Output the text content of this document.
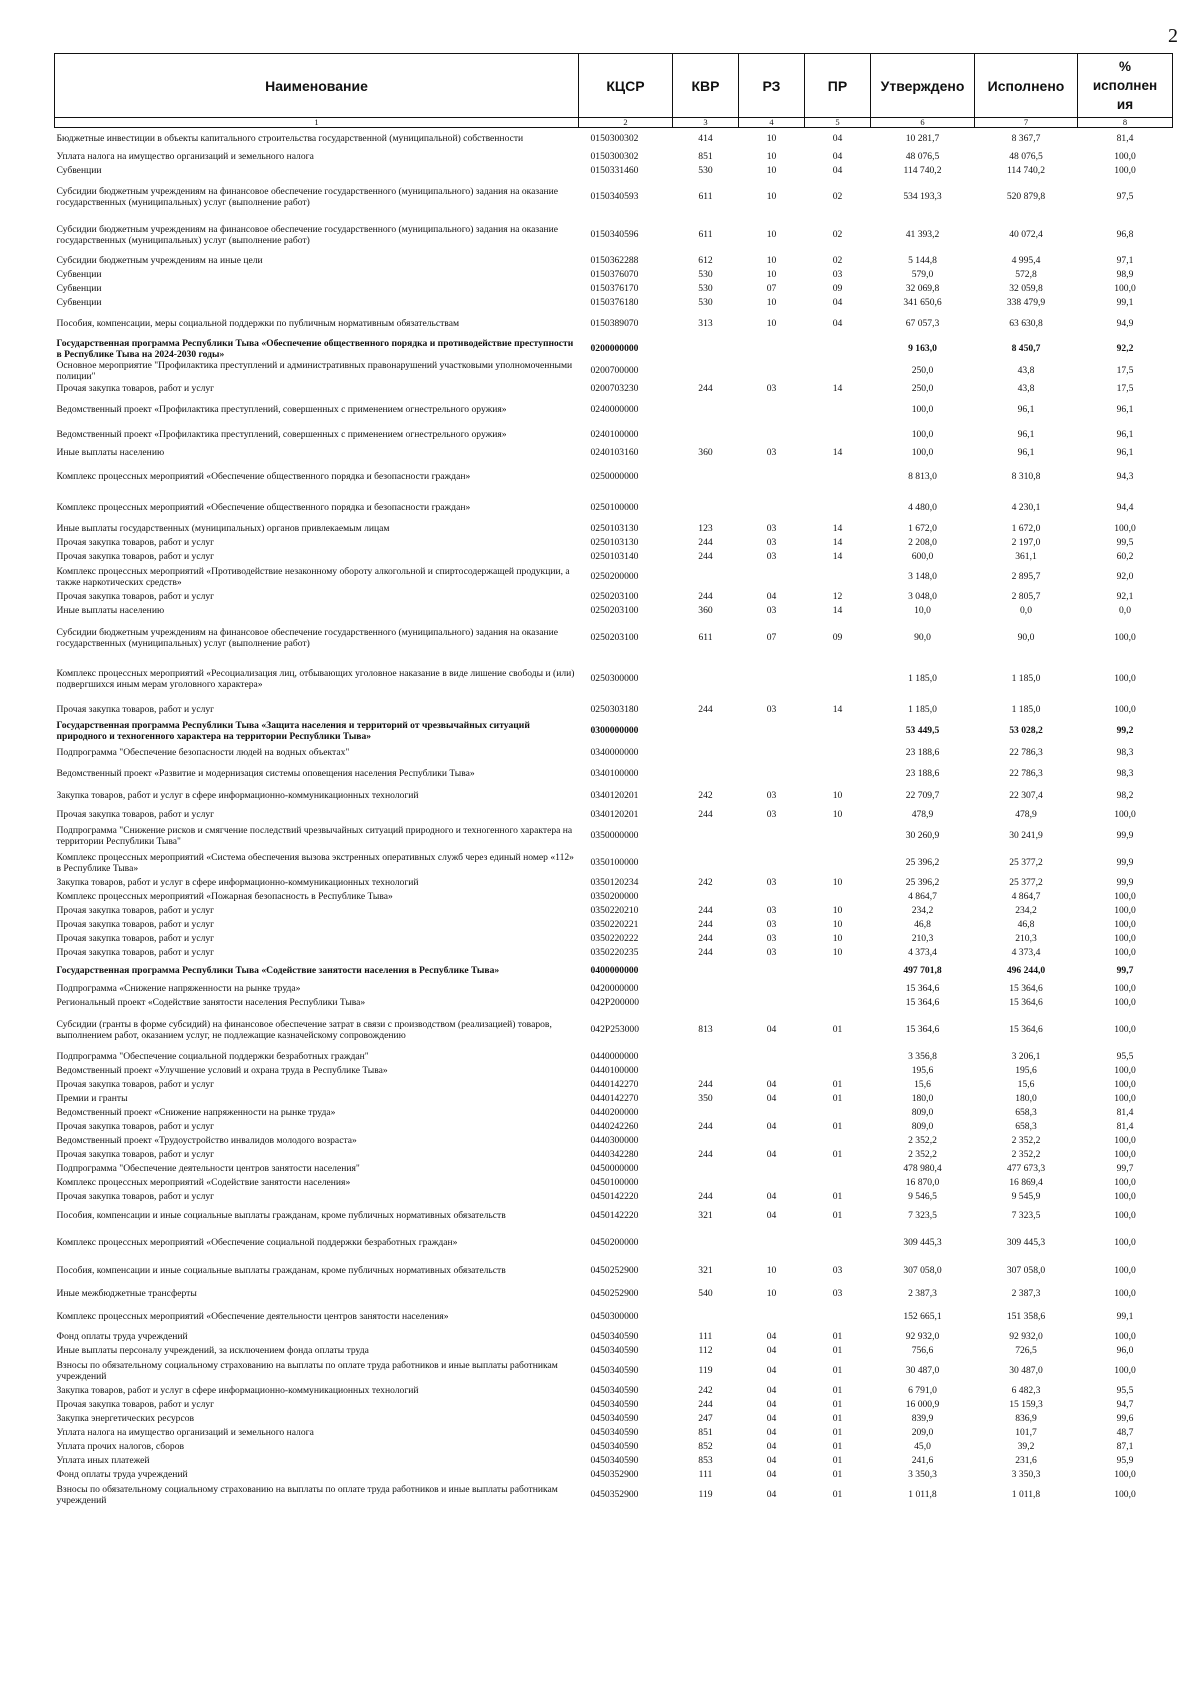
2
Наименование	КЦСР	КВР	РЗ	ПР	Утверждено	Исполнено	%
исполнен
ия

1	2	3	4	5	6	7	8
Бюджетные инвестиции в объекты капитального строительства государственной (муниципальной) собственности	0150300302	414	10	04	10 281,7	8 367,7	81,4
Уплата налога на имущество организаций и земельного налога	0150300302	851	10	04	48 076,5	48 076,5	100,0
Субвенции	0150331460	530	10	04	114 740,2	114 740,2	100,0
Субсидии бюджетным учреждениям на финансовое обеспечение государственного (муниципального) задания на оказание государственных (муниципальных) услуг (выполнение работ)	0150340593	611	10	02	534 193,3	520 879,8	97,5
Субсидии бюджетным учреждениям на финансовое обеспечение государственного (муниципального) задания на оказание государственных (муниципальных) услуг (выполнение работ)	0150340596	611	10	02	41 393,2	40 072,4	96,8
Субсидии бюджетным учреждениям на иные цели	0150362288	612	10	02	5 144,8	4 995,4	97,1
Субвенции	0150376070	530	10	03	579,0	572,8	98,9
Субвенции	0150376170	530	07	09	32 069,8	32 059,8	100,0
Субвенции	0150376180	530	10	04	341 650,6	338 479,9	99,1
Пособия, компенсации, меры социальной поддержки по публичным нормативным обязательствам	0150389070	313	10	04	67 057,3	63 630,8	94,9
Государственная программа Республики Тыва «Обеспечение общественного порядка и противодействие преступности в Республике Тыва на 2024-2030 годы»	0200000000				9 163,0	8 450,7	92,2
Основное мероприятие "Профилактика преступлений и административных правонарушений участковыми уполномоченными полиции"	0200700000				250,0	43,8	17,5
Прочая закупка товаров, работ и услуг	0200703230	244	03	14	250,0	43,8	17,5
Ведомственный проект «Профилактика преступлений, совершенных с применением огнестрельного оружия»	0240000000				100,0	96,1	96,1
Ведомственный проект «Профилактика преступлений, совершенных с применением огнестрельного оружия»	0240100000				100,0	96,1	96,1
Иные выплаты населению	0240103160	360	03	14	100,0	96,1	96,1
Комплекс процессных мероприятий «Обеспечение общественного порядка и безопасности граждан»	0250000000				8 813,0	8 310,8	94,3
Комплекс процессных мероприятий «Обеспечение общественного порядка и безопасности граждан»	0250100000				4 480,0	4 230,1	94,4
Иные выплаты государственных (муниципальных) органов привлекаемым лицам	0250103130	123	03	14	1 672,0	1 672,0	100,0
Прочая закупка товаров, работ и услуг	0250103130	244	03	14	2 208,0	2 197,0	99,5
Прочая закупка товаров, работ и услуг	0250103140	244	03	14	600,0	361,1	60,2
Комплекс процессных мероприятий «Противодействие незаконному обороту алкогольной и спиртосодержащей продукции, а также наркотических средств»	0250200000				3 148,0	2 895,7	92,0
Прочая закупка товаров, работ и услуг	0250203100	244	04	12	3 048,0	2 805,7	92,1
Иные выплаты населению	0250203100	360	03	14	10,0	0,0	0,0
Субсидии бюджетным учреждениям на финансовое обеспечение государственного (муниципального) задания на оказание государственных (муниципальных) услуг (выполнение работ)	0250203100	611	07	09	90,0	90,0	100,0
Комплекс процессных мероприятий «Ресоциализация лиц, отбывающих уголовное наказание в виде лишение свободы и (или) подвергшихся иным мерам уголовного характера»	0250300000				1 185,0	1 185,0	100,0
Прочая закупка товаров, работ и услуг	0250303180	244	03	14	1 185,0	1 185,0	100,0
Государственная программа Республики Тыва «Защита населения и территорий от чрезвычайных ситуаций природного и техногенного характера на территории Республики Тыва»	0300000000				53 449,5	53 028,2	99,2
Подпрограмма "Обеспечение безопасности людей на водных объектах"	0340000000				23 188,6	22 786,3	98,3
Ведомственный проект «Развитие и модернизация системы оповещения населения Республики Тыва»	0340100000				23 188,6	22 786,3	98,3
Закупка товаров, работ и услуг в сфере информационно-коммуникационных технологий	0340120201	242	03	10	22 709,7	22 307,4	98,2
Прочая закупка товаров, работ и услуг	0340120201	244	03	10	478,9	478,9	100,0
Подпрограмма "Снижение рисков и смягчение последствий чрезвычайных ситуаций природного и техногенного характера на территории Республики Тыва"	0350000000				30 260,9	30 241,9	99,9
Комплекс процессных мероприятий «Система обеспечения вызова экстренных оперативных служб через единый номер «112» в Республике Тыва»	0350100000				25 396,2	25 377,2	99,9
Закупка товаров, работ и услуг в сфере информационно-коммуникационных технологий	0350120234	242	03	10	25 396,2	25 377,2	99,9
Комплекс процессных мероприятий «Пожарная безопасность в Республике Тыва»	0350200000				4 864,7	4 864,7	100,0
Прочая закупка товаров, работ и услуг	0350220210	244	03	10	234,2	234,2	100,0
Прочая закупка товаров, работ и услуг	0350220221	244	03	10	46,8	46,8	100,0
Прочая закупка товаров, работ и услуг	0350220222	244	03	10	210,3	210,3	100,0
Прочая закупка товаров, работ и услуг	0350220235	244	03	10	4 373,4	4 373,4	100,0
Государственная программа Республики Тыва «Содействие занятости населения в Республике Тыва»	0400000000				497 701,8	496 244,0	99,7
Подпрограмма «Снижение напряженности на рынке труда»	0420000000				15 364,6	15 364,6	100,0
Региональный проект «Содействие занятости населения Республики Тыва»	042P200000				15 364,6	15 364,6	100,0
Субсидии (гранты в форме субсидий) на финансовое обеспечение затрат в связи с производством (реализацией) товаров, выполнением работ, оказанием услуг, не подлежащие казначейскому сопровождению	042P253000	813	04	01	15 364,6	15 364,6	100,0
Подпрограмма "Обеспечение социальной поддержки безработных граждан"	0440000000				3 356,8	3 206,1	95,5
Ведомственный проект «Улучшение условий и охрана труда в Республике Тыва»	0440100000				195,6	195,6	100,0
Прочая закупка товаров, работ и услуг	0440142270	244	04	01	15,6	15,6	100,0
Премии и гранты	0440142270	350	04	01	180,0	180,0	100,0
Ведомственный проект «Снижение напряженности на рынке труда»	0440200000				809,0	658,3	81,4
Прочая закупка товаров, работ и услуг	0440242260	244	04	01	809,0	658,3	81,4
Ведомственный проект «Трудоустройство инвалидов молодого возраста»	0440300000				2 352,2	2 352,2	100,0
Прочая закупка товаров, работ и услуг	0440342280	244	04	01	2 352,2	2 352,2	100,0
Подпрограмма "Обеспечение деятельности центров занятости населения"	0450000000				478 980,4	477 673,3	99,7
Комплекс процессных мероприятий «Содействие занятости населения»	0450100000				16 870,0	16 869,4	100,0
Прочая закупка товаров, работ и услуг	0450142220	244	04	01	9 546,5	9 545,9	100,0
Пособия, компенсации и иные социальные выплаты гражданам, кроме публичных нормативных обязательств	0450142220	321	04	01	7 323,5	7 323,5	100,0
Комплекс процессных мероприятий «Обеспечение социальной поддержки безработных граждан»	0450200000				309 445,3	309 445,3	100,0
Пособия, компенсации и иные социальные выплаты гражданам, кроме публичных нормативных обязательств	0450252900	321	10	03	307 058,0	307 058,0	100,0
Иные межбюджетные трансферты	0450252900	540	10	03	2 387,3	2 387,3	100,0
Комплекс процессных мероприятий «Обеспечение деятельности центров занятости населения»	0450300000				152 665,1	151 358,6	99,1
Фонд оплаты труда учреждений	0450340590	111	04	01	92 932,0	92 932,0	100,0
Иные выплаты персоналу учреждений, за исключением фонда оплаты труда	0450340590	112	04	01	756,6	726,5	96,0
Взносы по обязательному социальному страхованию на выплаты по оплате труда работников и иные выплаты работникам учреждений	0450340590	119	04	01	30 487,0	30 487,0	100,0
Закупка товаров, работ и услуг в сфере информационно-коммуникационных технологий	0450340590	242	04	01	6 791,0	6 482,3	95,5
Прочая закупка товаров, работ и услуг	0450340590	244	04	01	16 000,9	15 159,3	94,7
Закупка энергетических ресурсов	0450340590	247	04	01	839,9	836,9	99,6
Уплата налога на имущество организаций и земельного налога	0450340590	851	04	01	209,0	101,7	48,7
Уплата прочих налогов, сборов	0450340590	852	04	01	45,0	39,2	87,1
Уплата иных платежей	0450340590	853	04	01	241,6	231,6	95,9
Фонд оплаты труда учреждений	0450352900	111	04	01	3 350,3	3 350,3	100,0
Взносы по обязательному социальному страхованию на выплаты по оплате труда работников и иные выплаты работникам учреждений	0450352900	119	04	01	1 011,8	1 011,8	100,0
